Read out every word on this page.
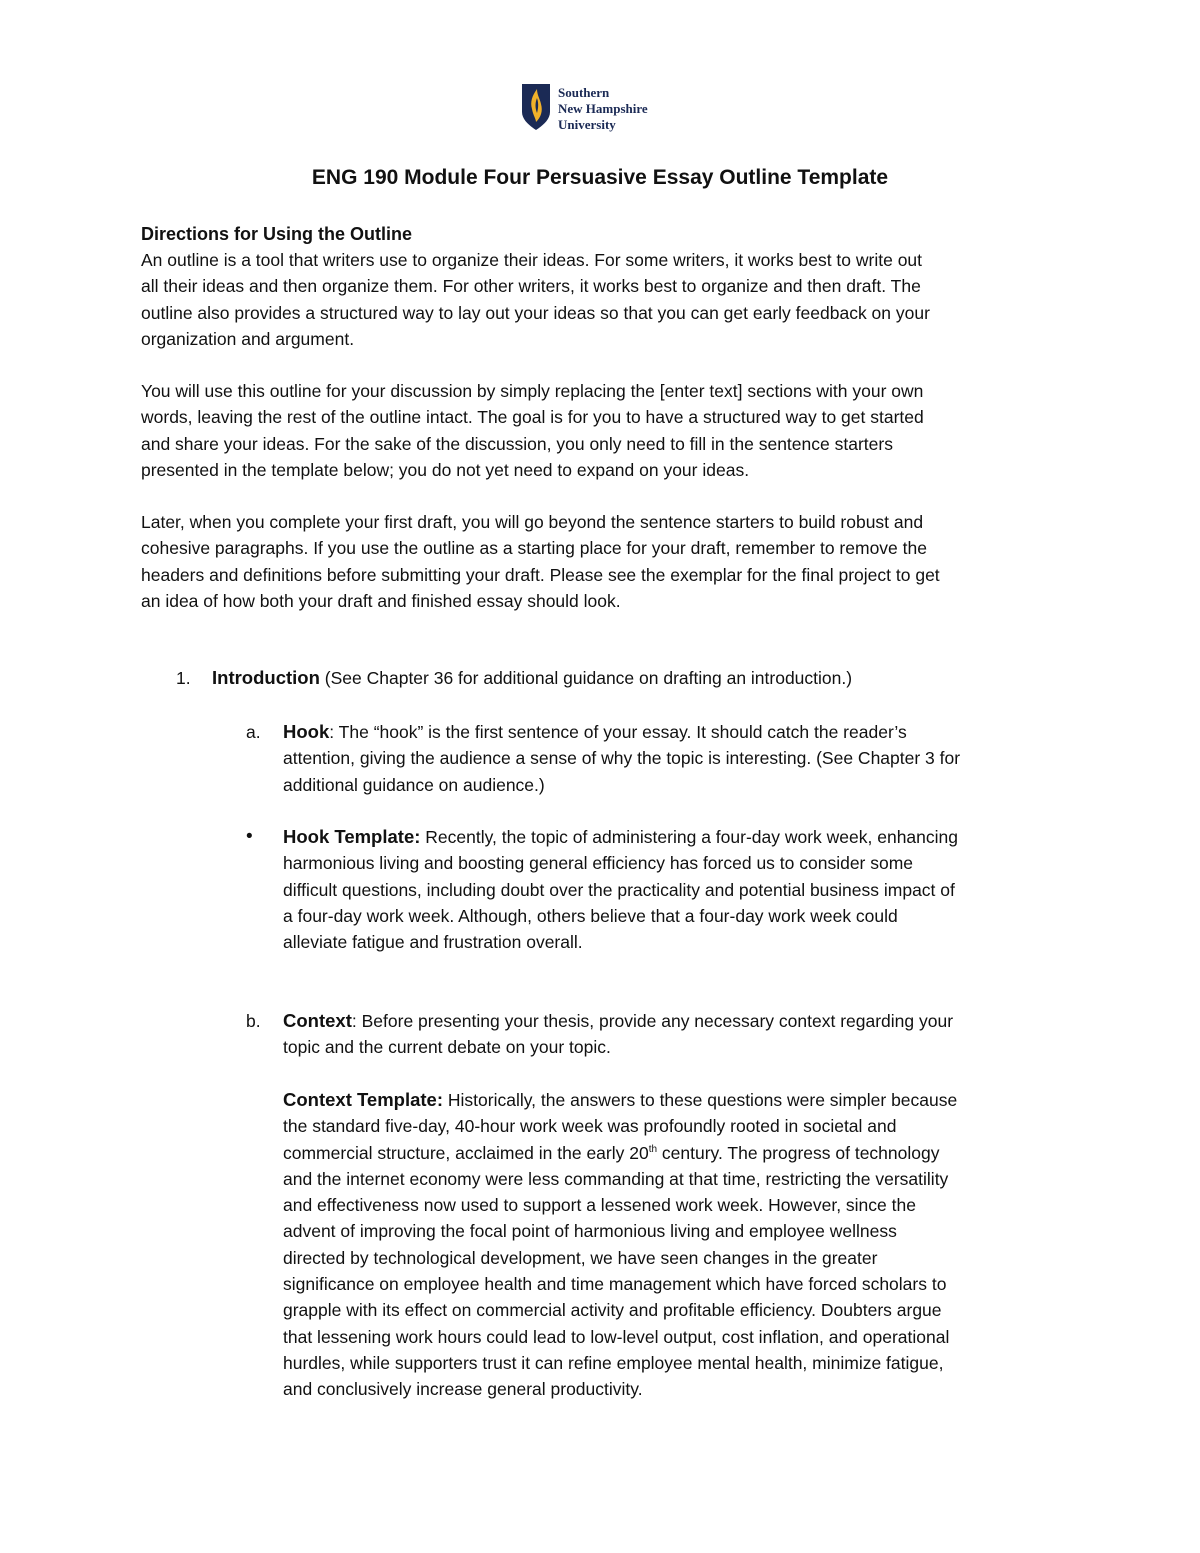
Southern
New Hampshire
University
ENG 190 Module Four Persuasive Essay Outline Template
Directions for Using the Outline

An outline is a tool that writers use to organize their ideas. For some writers, it works best to write out
all their ideas and then organize them. For other writers, it works best to organize and then draft. The
outline also provides a structured way to lay out your ideas so that you can get early feedback on your
organization and argument.

You will use this outline for your discussion by simply replacing the [enter text] sections with your own
words, leaving the rest of the outline intact. The goal is for you to have a structured way to get started
and share your ideas. For the sake of the discussion, you only need to fill in the sentence starters
presented in the template below; you do not yet need to expand on your ideas.

Later, when you complete your first draft, you will go beyond the sentence starters to build robust and
cohesive paragraphs. If you use the outline as a starting place for your draft, remember to remove the
headers and definitions before submitting your draft. Please see the exemplar for the final project to get
an idea of how both your draft and finished essay should look.

1. Introduction (See Chapter 36 for additional guidance on drafting an introduction.)
a. Hook: The “hook” is the first sentence of your essay. It should catch the reader’s
attention, giving the audience a sense of why the topic is interesting. (See Chapter 3 for
additional guidance on audience.)
• Hook Template: Recently, the topic of administering a four-day work week, enhancing
harmonious living and boosting general efficiency has forced us to consider some
difficult questions, including doubt over the practicality and potential business impact of
a four-day work week. Although, others believe that a four-day work week could
alleviate fatigue and frustration overall.
b. Context: Before presenting your thesis, provide any necessary context regarding your
topic and the current debate on your topic.
Context Template: Historically, the answers to these questions were simpler because
the standard five-day, 40-hour work week was profoundly rooted in societal and
commercial structure, acclaimed in the early 20th century. The progress of technology
and the internet economy were less commanding at that time, restricting the versatility
and effectiveness now used to support a lessened work week. However, since the
advent of improving the focal point of harmonious living and employee wellness
directed by technological development, we have seen changes in the greater
significance on employee health and time management which have forced scholars to
grapple with its effect on commercial activity and profitable efficiency. Doubters argue
that lessening work hours could lead to low-level output, cost inflation, and operational
hurdles, while supporters trust it can refine employee mental health, minimize fatigue,
and conclusively increase general productivity.
